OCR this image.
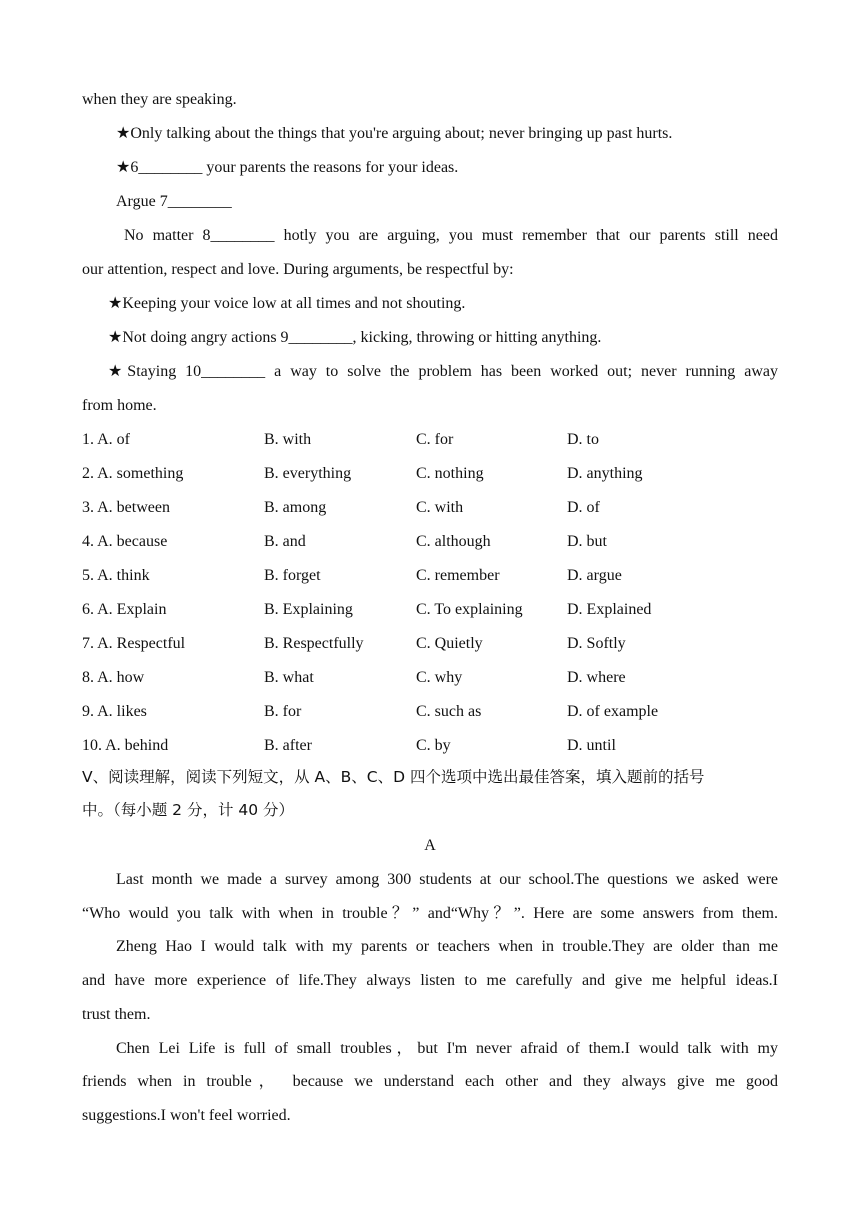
when they are speaking.
★Only talking about the things that you're arguing about; never bringing up past hurts.
★6________ your parents the reasons for your ideas.
Argue 7________
No matter 8________ hotly you are arguing, you must remember that our parents still need
our attention, respect and love. During arguments, be respectful by:
★Keeping your voice low at all times and not shouting.
★Not doing angry actions 9________, kicking, throwing or hitting anything.
★Staying 10________ a way to solve the problem has been worked out; never running away
from home.
1. A. of	B. with	C. for	D. to
2. A. something	B. everything	C. nothing	D. anything
3. A. between	B. among	C. with	D. of
4. A. because	B. and	C. although	D. but
5. A. think	B. forget	C. remember	D. argue
6. A. Explain	B. Explaining	C. To explaining	D. Explained
7. A. Respectful	B. Respectfully	C. Quietly	D. Softly
8. A. how	B. what	C. why	D. where
9. A. likes	B. for	C. such as	D. of example
10. A. behind	B. after	C. by	D. until
V、阅读理解，阅读下列短文，从 A、B、C、D 四个选项中选出最佳答案，填入题前的括号
中。（每小题 2 分，计 40 分）
A
Last month we made a survey among 300 students at our school.The questions we asked were
“Who would you talk with when in trouble？” and“Why？”. Here are some answers from them.
Zheng Hao I would talk with my parents or teachers when in trouble.They are older than me
and have more experience of life.They always listen to me carefully and give me helpful ideas.I
trust them.
Chen Lei Life is full of small troubles，but I'm never afraid of them.I would talk with my
friends when in trouble， because we understand each other and they always give me good
suggestions.I won't feel worried.
